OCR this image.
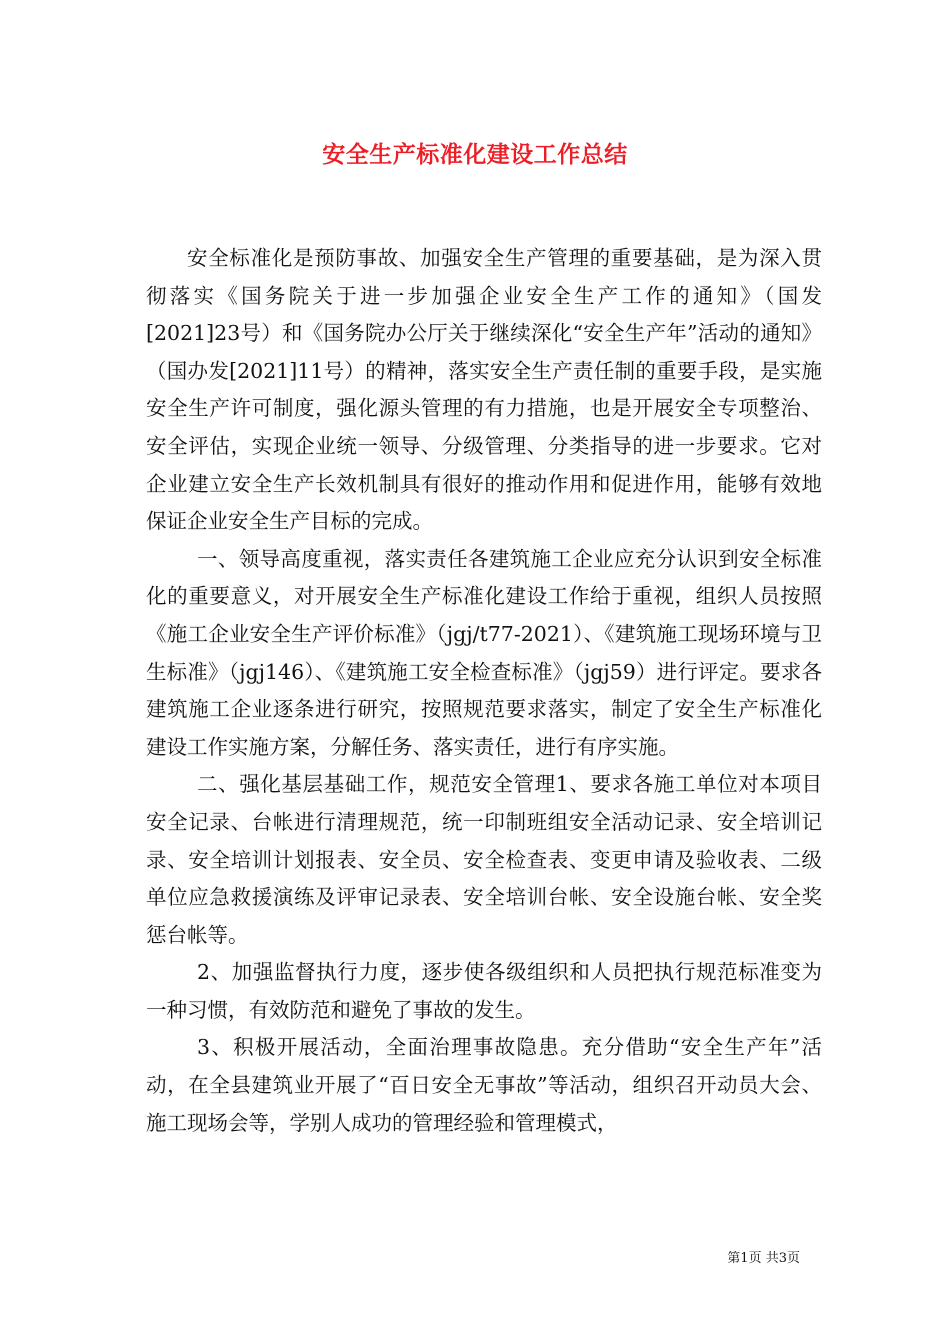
安全生产标准化建设工作总结

安全标准化是预防事故、加强安全生产管理的重要基础，是为深入贯彻落实《国务院关于进一步加强企业安全生产工作的通知》（国发[2021]23号）和《国务院办公厅关于继续深化“安全生产年”活动的通知》（国办发[2021]11号）的精神，落实安全生产责任制的重要手段，是实施安全生产许可制度，强化源头管理的有力措施，也是开展安全专项整治、安全评估，实现企业统一领导、分级管理、分类指导的进一步要求。它对企业建立安全生产长效机制具有很好的推动作用和促进作用，能够有效地保证企业安全生产目标的完成。

一、领导高度重视，落实责任各建筑施工企业应充分认识到安全标准化的重要意义，对开展安全生产标准化建设工作给于重视，组织人员按照《施工企业安全生产评价标准》（jgj/t77-2021）、《建筑施工现场环境与卫生标准》（jgj146）、《建筑施工安全检查标准》（jgj59）进行评定。要求各建筑施工企业逐条进行研究，按照规范要求落实，制定了安全生产标准化建设工作实施方案，分解任务、落实责任，进行有序实施。

二、强化基层基础工作，规范安全管理1、要求各施工单位对本项目安全记录、台帐进行清理规范，统一印制班组安全活动记录、安全培训记录、安全培训计划报表、安全员、安全检查表、变更申请及验收表、二级单位应急救援演练及评审记录表、安全培训台帐、安全设施台帐、安全奖惩台帐等。

2、加强监督执行力度，逐步使各级组织和人员把执行规范标准变为一种习惯，有效防范和避免了事故的发生。

3、积极开展活动，全面治理事故隐患。充分借助“安全生产年”活动，在全县建筑业开展了“百日安全无事故”等活动，组织召开动员大会、施工现场会等，学别人成功的管理经验和管理模式，

第1页 共3页
